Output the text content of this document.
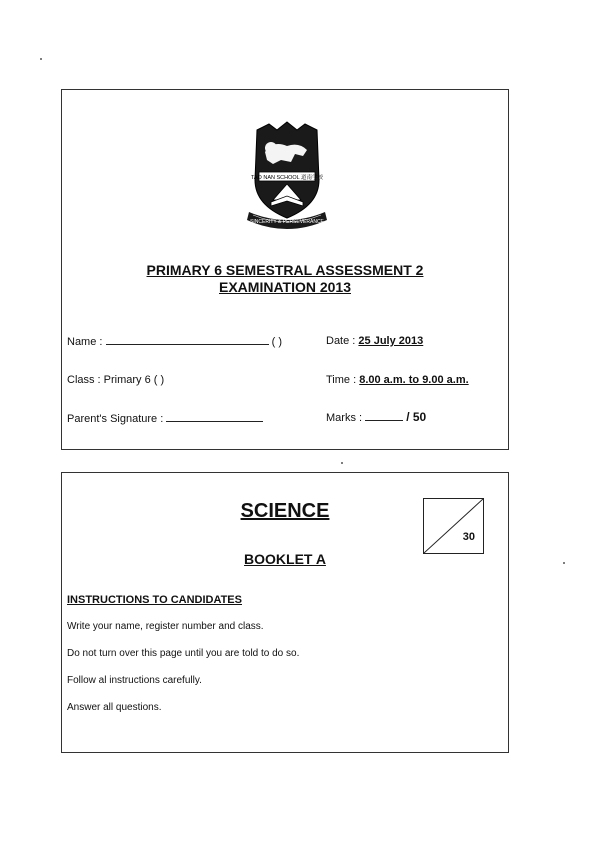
TAO NAN SCHOOL 道南学校
SINCERITY & PERSEVERANCE
PRIMARY 6 SEMESTRAL ASSESSMENT 2
EXAMINATION 2013
Name :	( )	Date : 25 July 2013
Class : Primary 6 ( )	Time : 8.00 a.m. to 9.00 a.m.
Parent's Signature :	Marks :	/ 50
SCIENCE
BOOKLET A
30
INSTRUCTIONS TO CANDIDATES
Write your name, register number and class.
Do not turn over this page until you are told to do so.
Follow al instructions carefully.
Answer all questions.
